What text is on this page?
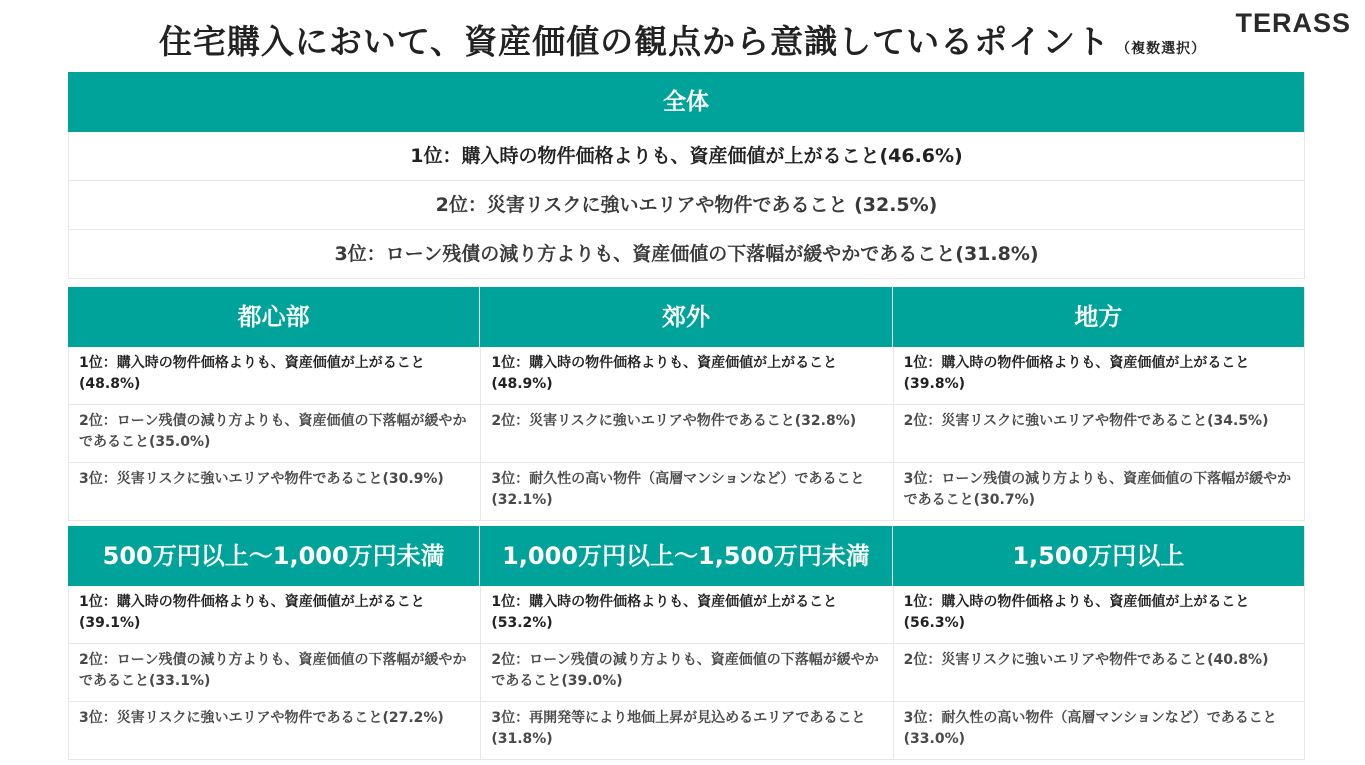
住宅購入において、資産価値の観点から意識しているポイント （複数選択）
TERASS
全体
1位：購入時の物件価格よりも、資産価値が上がること(46.6%)
2位：災害リスクに強いエリアや物件であること (32.5%)
3位：ローン残債の減り方よりも、資産価値の下落幅が緩やかであること(31.8%)
都心部
1位：購入時の物件価格よりも、資産価値が上がること(48.8%)
2位：ローン残債の減り方よりも、資産価値の下落幅が緩やかであること(35.0%)
3位：災害リスクに強いエリアや物件であること(30.9%)
郊外
1位：購入時の物件価格よりも、資産価値が上がること(48.9%)
2位：災害リスクに強いエリアや物件であること(32.8%)
3位：耐久性の高い物件（高層マンションなど）であること(32.1%)
地方
1位：購入時の物件価格よりも、資産価値が上がること(39.8%)
2位：災害リスクに強いエリアや物件であること(34.5%)
3位：ローン残債の減り方よりも、資産価値の下落幅が緩やかであること(30.7%)
500万円以上～1,000万円未満
1位：購入時の物件価格よりも、資産価値が上がること(39.1%)
2位：ローン残債の減り方よりも、資産価値の下落幅が緩やかであること(33.1%)
3位：災害リスクに強いエリアや物件であること(27.2%)
1,000万円以上～1,500万円未満
1位：購入時の物件価格よりも、資産価値が上がること(53.2%)
2位：ローン残債の減り方よりも、資産価値の下落幅が緩やかであること(39.0%)
3位：再開発等により地価上昇が見込めるエリアであること(31.8%)
1,500万円以上
1位：購入時の物件価格よりも、資産価値が上がること(56.3%)
2位：災害リスクに強いエリアや物件であること(40.8%)
3位：耐久性の高い物件（高層マンションなど）であること(33.0%)
